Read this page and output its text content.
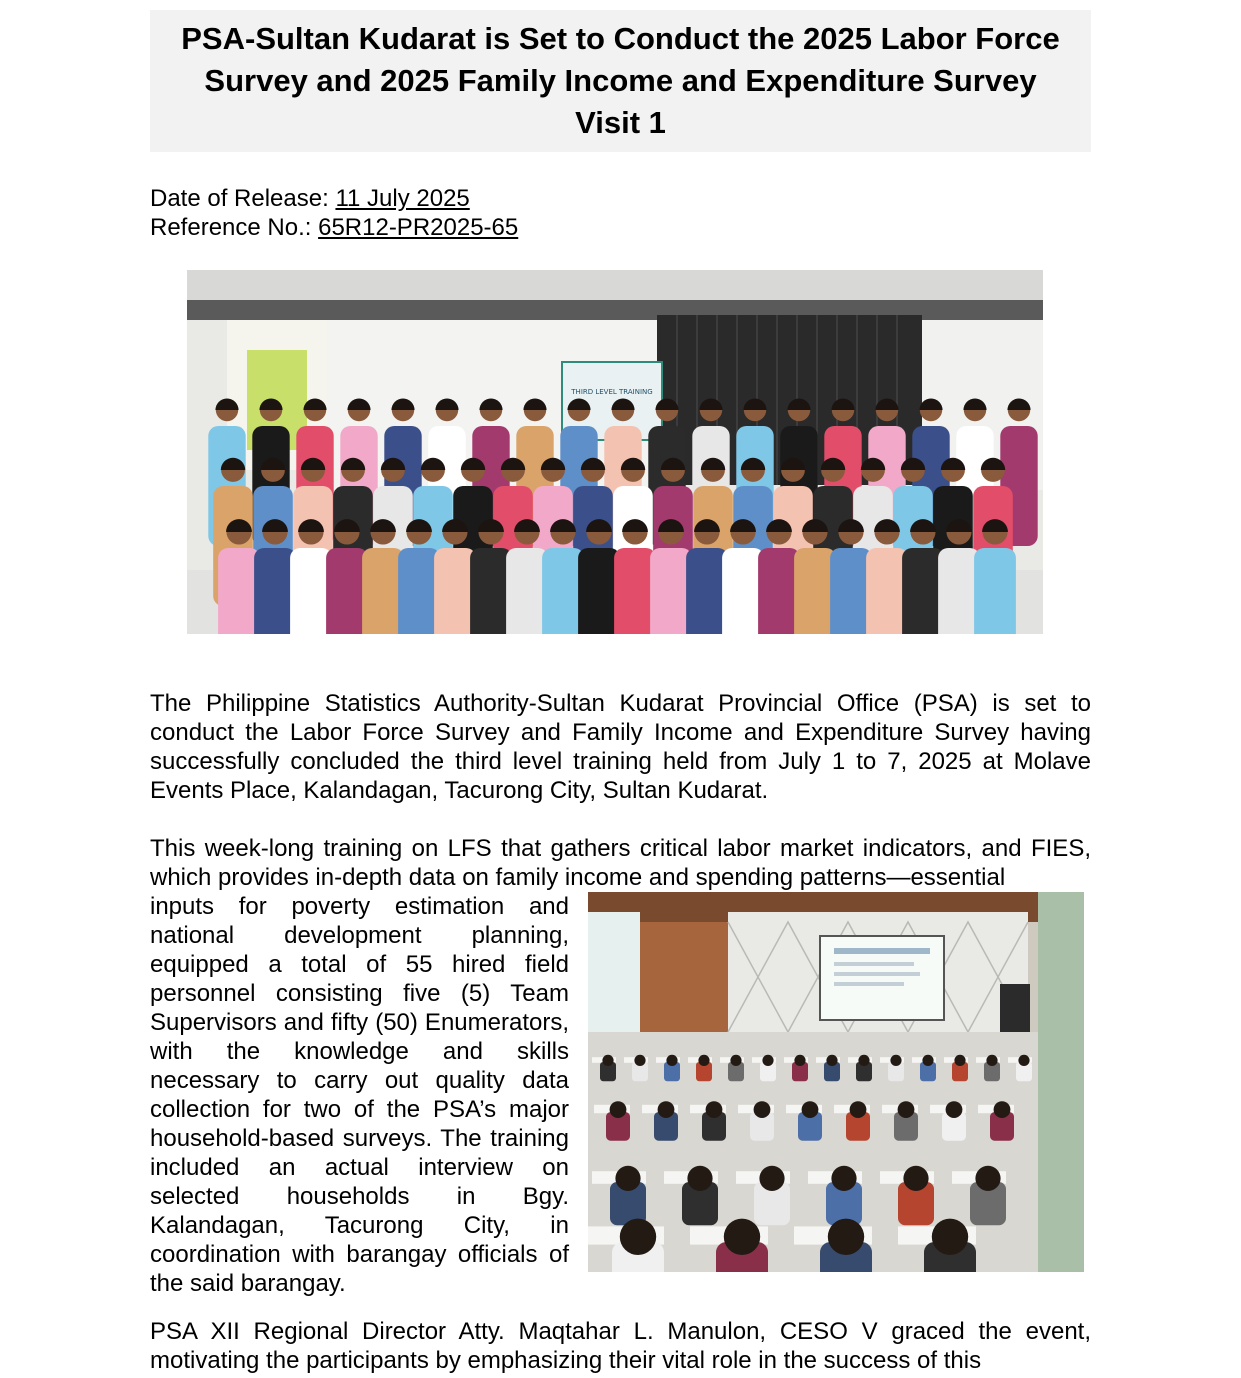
PSA-Sultan Kudarat is Set to Conduct the 2025 Labor Force Survey and 2025 Family Income and Expenditure Survey Visit 1
Date of Release: 11 July 2025
Reference No.: 65R12-PR2025-65
THIRD LEVEL TRAINING

The Philippine Statistics Authority-Sultan Kudarat Provincial Office (PSA) is set to conduct the Labor Force Survey and Family Income and Expenditure Survey having successfully concluded the third level training held from July 1 to 7, 2025 at Molave Events Place, Kalandagan, Tacurong City, Sultan Kudarat.

This week-long training on LFS that gathers critical labor market indicators, and FIES, which provides in-depth data on family income and spending patterns—essential

inputs for poverty estimation and national development planning, equipped a total of 55 hired field personnel consisting five (5) Team Supervisors and fifty (50) Enumerators, with the knowledge and skills necessary to carry out quality data collection for two of the PSA’s major household-based surveys. The training included an actual interview on selected households in Bgy. Kalandagan, Tacurong City, in coordination with barangay officials of the said barangay.

PSA XII Regional Director Atty. Maqtahar L. Manulon, CESO V graced the event, motivating the participants by emphasizing their vital role in the success of this
